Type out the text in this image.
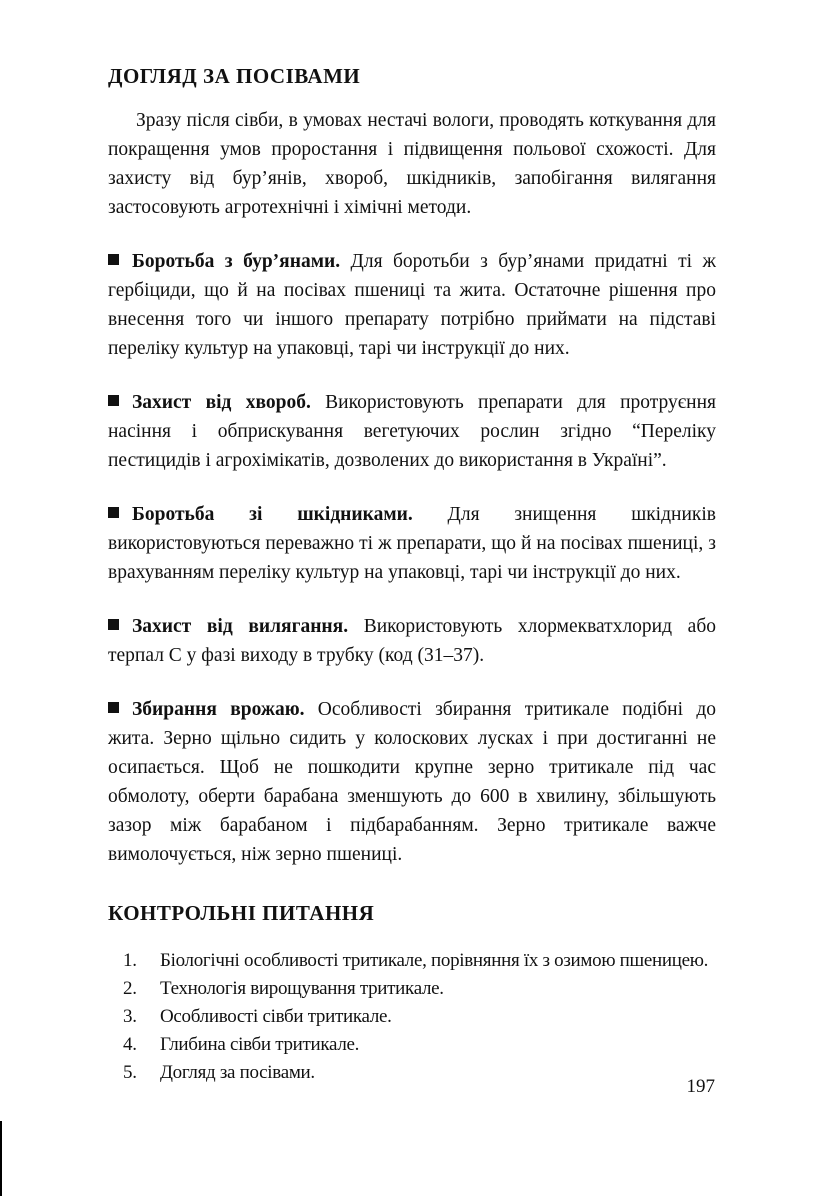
ДОГЛЯД ЗА ПОСІВАМИ

Зразу після сівби, в умовах нестачі вологи, проводять коткування для покращення умов проростання і підвищення польової схожості. Для захисту від бур’янів, хвороб, шкідників, запобігання вилягання застосовують агротехнічні і хімічні методи.

Боротьба з бур’янами. Для боротьби з бур’янами придатні ті ж гербіциди, що й на посівах пшениці та жита. Остаточне рішення про внесення того чи іншого препарату потрібно приймати на підставі переліку культур на упаковці, тарі чи інструкції до них.

Захист від хвороб. Використовують препарати для протруєння насіння і обприскування вегетуючих рослин згідно “Переліку пестицидів і агрохімікатів, дозволених до використання в Україні”.

Боротьба зі шкідниками. Для знищення шкідників використовуються переважно ті ж препарати, що й на посівах пшениці, з врахуванням переліку культур на упаковці, тарі чи інструкції до них.

Захист від вилягання. Використовують хлормекватхлорид або терпал С у фазі виходу в трубку (код (31–37).

Збирання врожаю. Особливості збирання тритикале подібні до жита. Зерно щільно сидить у колоскових лусках і при достиганні не осипається. Щоб не пошкодити крупне зерно тритикале під час обмолоту, оберти барабана зменшують до 600 в хвилину, збільшують зазор між барабаном і підбарабанням. Зерно тритикале важче вимолочується, ніж зерно пшениці.

КОНТРОЛЬНІ ПИТАННЯ
1.	Біологічні особливості тритикале, порівняння їх з озимою пшеницею.
2.	Технологія вирощування тритикале.
3.	Особливості сівби тритикале.
4.	Глибина сівби тритикале.
5.	Догляд за посівами.
197
